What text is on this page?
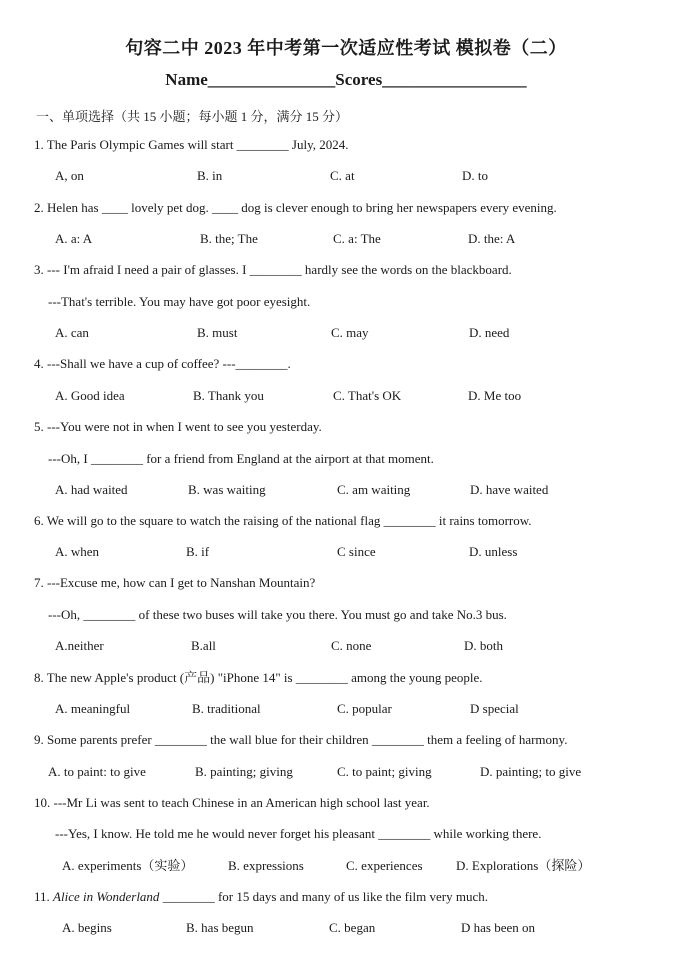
句容二中 2023 年中考第一次适应性考试 模拟卷（二）
Name_______________Scores_________________
一、单项选择（共 15 小题；每小题 1 分，满分 15 分）
1. The Paris Olympic Games will start ________ July, 2024.
A, on	B. in	C. at	D. to
2. Helen has ____ lovely pet dog. ____ dog is clever enough to bring her newspapers every evening.
A. a: A	B. the; The	C. a: The	D. the: A
3. --- I'm afraid I need a pair of glasses. I ________ hardly see the words on the blackboard.
---That's terrible. You may have got poor eyesight.
A. can	B. must	C. may	D. need
4. ---Shall we have a cup of coffee? ---________.
A. Good idea	B. Thank you	C. That's OK	D. Me too
5. ---You were not in when I went to see you yesterday.
---Oh, I ________ for a friend from England at the airport at that moment.
A. had waited	B. was waiting	C. am waiting	D. have waited
6. We will go to the square to watch the raising of the national flag ________ it rains tomorrow.
A. when	B. if	C since	D. unless
7. ---Excuse me, how can I get to Nanshan Mountain?
---Oh, ________ of these two buses will take you there. You must go and take No.3 bus.
A.neither	B.all	C. none	D. both
8. The new Apple's product (产品) "iPhone 14" is ________ among the young people.
A. meaningful	B. traditional	C. popular	D special
9. Some parents prefer ________ the wall blue for their children ________ them a feeling of harmony.
A. to paint: to give	B. painting; giving	C. to paint; giving	D. painting; to give
10. ---Mr Li was sent to teach Chinese in an American high school last year.
---Yes, I know. He told me he would never forget his pleasant ________ while working there.
A. experiments（实验）	B. expressions	C. experiences	D. Explorations（探险）
11. Alice in Wonderland ________ for 15 days and many of us like the film very much.
A. begins	B. has begun	C. began	D has been on
